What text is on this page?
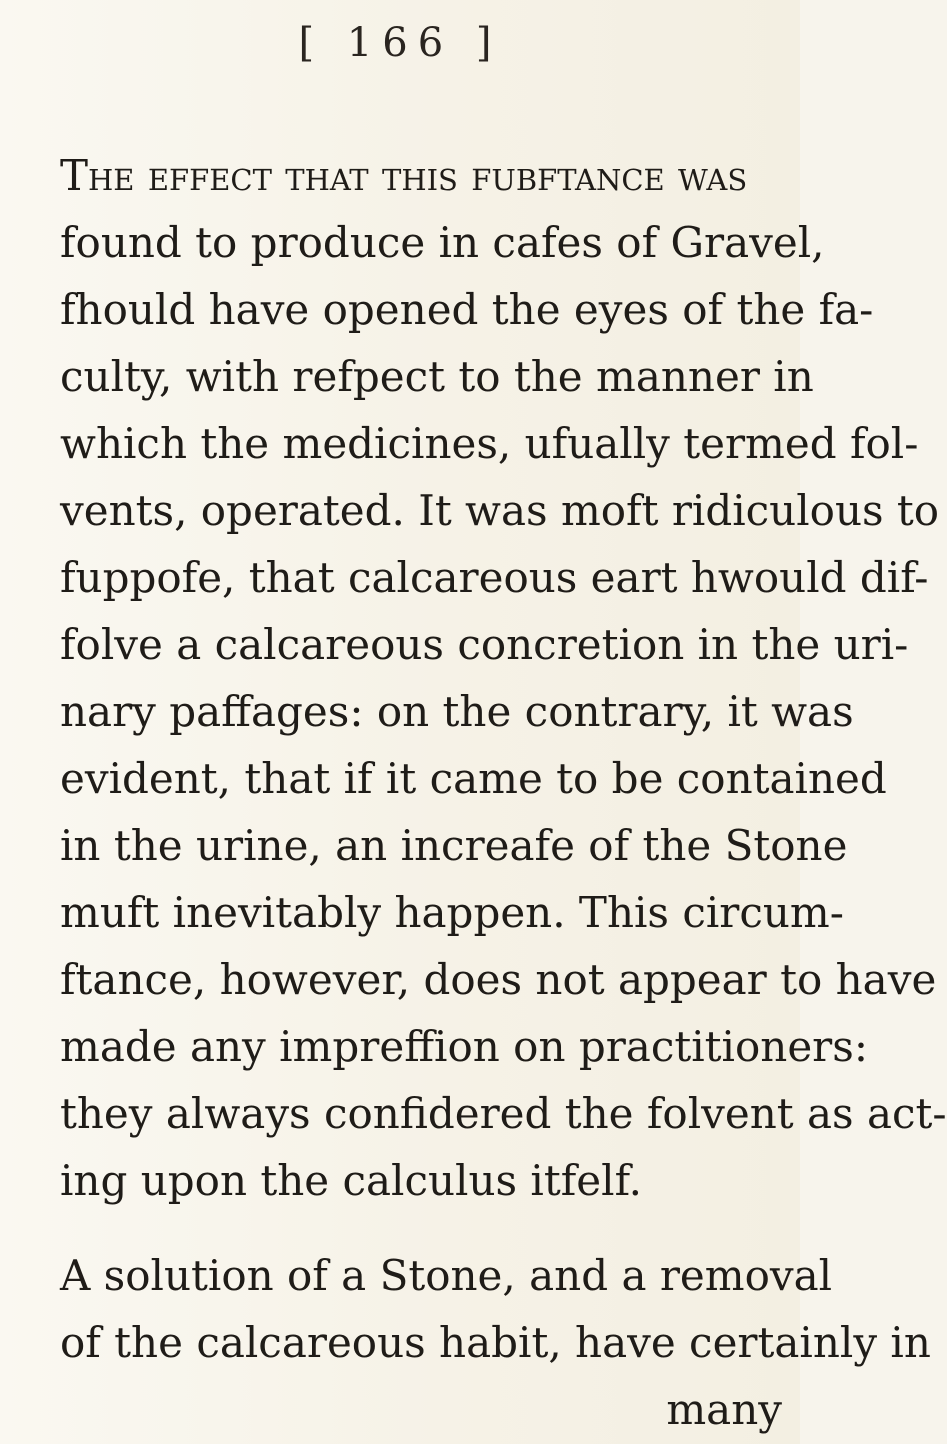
[ 166 ]
The effect that this fubftance was
found to produce in cafes of Gravel,
fhould have opened the eyes of the fa-
culty, with refpect to the manner in
which the medicines, ufually termed fol-
vents, operated. It was moft ridiculous to
fuppofe, that calcareous eart hwould dif-
folve a calcareous concretion in the uri-
nary paffages: on the contrary, it was
evident, that if it came to be contained
in the urine, an increafe of the Stone
muft inevitably happen. This circum-
ftance, however, does not appear to have
made any impreffion on practitioners:
they always confidered the folvent as act-
ing upon the calculus itfelf.
A solution of a Stone, and a removal
of the calcareous habit, have certainly in
many
